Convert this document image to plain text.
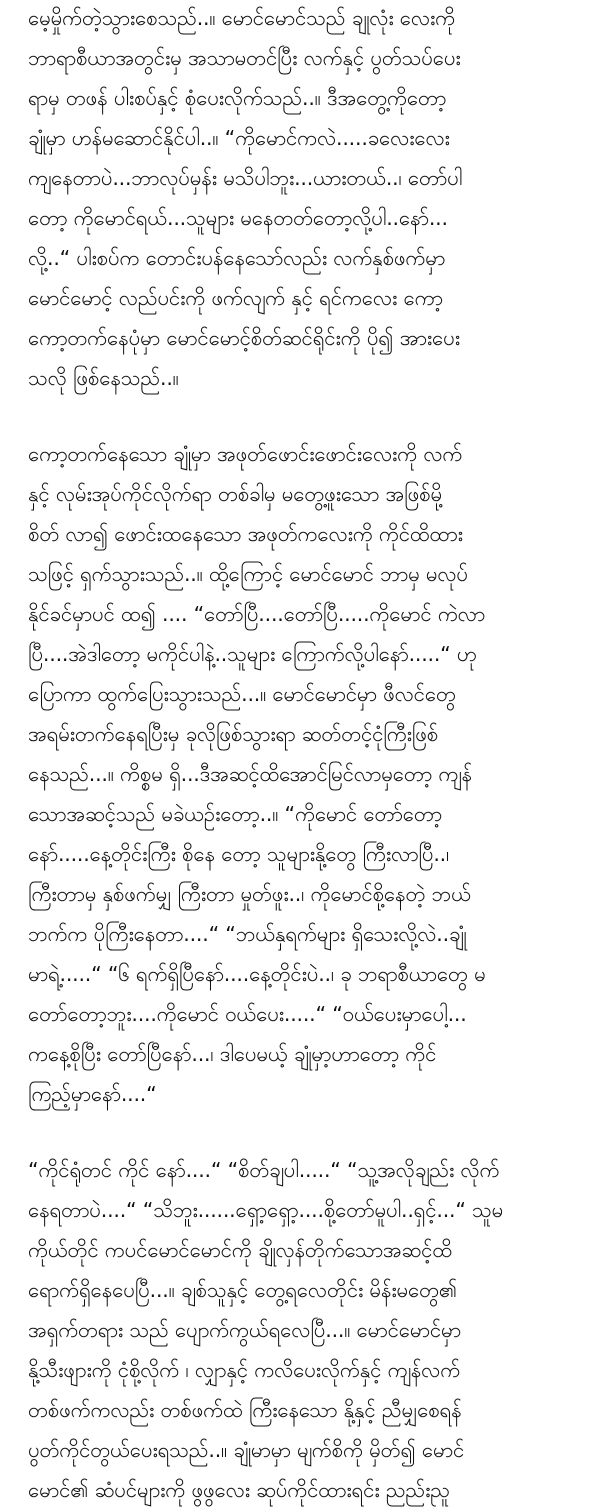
မေ့မှိုက်တဲ့သွားစေသည်..။ မောင်မောင်သည် ချုလုံး လေးကို
ဘာရာစီယာအတွင်းမှ အသာမတင်ပြီး လက်နှင့် ပွတ်သပ်ပေး
ရာမှ တဖန် ပါးစပ်နှင့် စုံပေးလိုက်သည်..။ ဒီအတွေ့ကိုတော့
ချုံမှာ ဟန်မဆောင်နိုင်ပါ..။ “ကိုမောင်ကလဲ.....ခလေးလေး
ကျနေတာပဲ...ဘာလုပ်မှန်း မသိပါဘူး...ယားတယ်..၊ တော်ပါ
တော့ ကိုမောင်ရယ်...သူများ မနေတတ်တော့လို့ပါ..နော်...
လို့..“ ပါးစပ်က တောင်းပန်နေသော်လည်း လက်နှစ်ဖက်မှာ
မောင်မောင့် လည်ပင်းကို ဖက်လျက် နှင့် ရင်ကလေး ကော့
ကော့တက်နေပုံမှာ မောင်မောင့်စိတ်ဆင်ရိုင်းကို ပို၍ အားပေး
သလို ဖြစ်နေသည်..။
ကော့တက်နေသော ချုံမှာ အဖုတ်ဖောင်းဖောင်းလေးကို လက်
နှင့် လုမ်းအုပ်ကိုင်လိုက်ရာ တစ်ခါမှ မတွေ့ဖူးသော အဖြစ်မို့
စိတ် လာ၍ ဖောင်းထနေသော အဖုတ်ကလေးကို ကိုင်ထိထား
သဖြင့် ရှက်သွားသည်..။ ထို့ကြောင့် မောင်မောင် ဘာမှ မလုပ်
နိုင်ခင်မှာပင် ထ၍ .... “တော်ပြီ....တော်ပြီ.....ကိုမောင် ကဲလာ
ပြီ....အဲဒါတော့ မကိုင်ပါနဲ့..သူများ ကြောက်လို့ပါနော်.....“ ဟု
ပြောကာ ထွက်ပြေးသွားသည်...။ မောင်မောင်မှာ ဖီလင်တွေ
အရမ်းတက်နေရပြီးမှ ခုလိုဖြစ်သွားရာ ဆတ်တင့်ငုံကြီးဖြစ်
နေသည်...။ ကိစ္စမ ရှိ...ဒီအဆင့်ထိအောင်မြင်လာမှတော့ ကျန်
သောအဆင့်သည် မခဲယဉ်းတော့..။ “ကိုမောင် တော်တော့
နော်.....နေ့တိုင်းကြီး စိုနေ တော့ သူများနို့တွေ ကြီးလာပြီ..၊
ကြီးတာမှ နှစ်ဖက်မျှ ကြီးတာ မှုတ်ဖူး..၊ ကိုမောင်စို့နေတဲ့ ဘယ်
ဘက်က ပိုကြီးနေတာ....“ “ဘယ်နှရက်များ ရှိသေးလို့လဲ..ချုံ
မာရဲ့.....“ “၆ ရက်ရှိပြီနော်....နေ့တိုင်းပဲ..၊ ခု ဘရာစီယာတွေ မ
တော်တော့ဘူး....ကိုမောင် ဝယ်ပေး.....“ “ဝယ်ပေးမှာပေါ့...
ကနေ့စိုပြီး တော်ပြီနော်...၊ ဒါပေမယ့် ချုံမှာ့ဟာတော့ ကိုင်
ကြည့်မှာနော်....“
“ကိုင်ရုံတင် ကိုင် နော်....“ “စိတ်ချပါ.....“ “သူ့အလိုချည်း လိုက်
နေရတာပဲ....“ “သိဘူး......ရှော့ရှော့....စို့တော်မူပါ..ရှင့်...“ သူမ
ကိုယ်တိုင် ကပင်မောင်မောင်ကို ချိုလှန်တိုက်သောအဆင့်ထိ
ရောက်ရှိနေပေပြီ...။ ချစ်သူနှင့် တွေ့ရလေတိုင်း မိန်းမတွေ၏
အရှက်တရား သည် ပျောက်ကွယ်ရလေပြီ...။ မောင်မောင်မှာ
နို့သီးဖျားကို ငုံစို့လိုက် ၊ လျှာနှင့် ကလိပေးလိုက်နှင့် ကျန်လက်
တစ်ဖက်ကလည်း တစ်ဖက်ထဲ ကြီးနေသော နို့နှင့် ညီမျှစေရန်
ပွတ်ကိုင်တွယ်ပေးရသည်..။ ချုံမာမှာ မျက်စိကို မှိတ်၍ မောင်
မောင်၏ ဆံပင်များကို ဖွဖွလေး ဆုပ်ကိုင်ထားရင်း ညည်းညူ
